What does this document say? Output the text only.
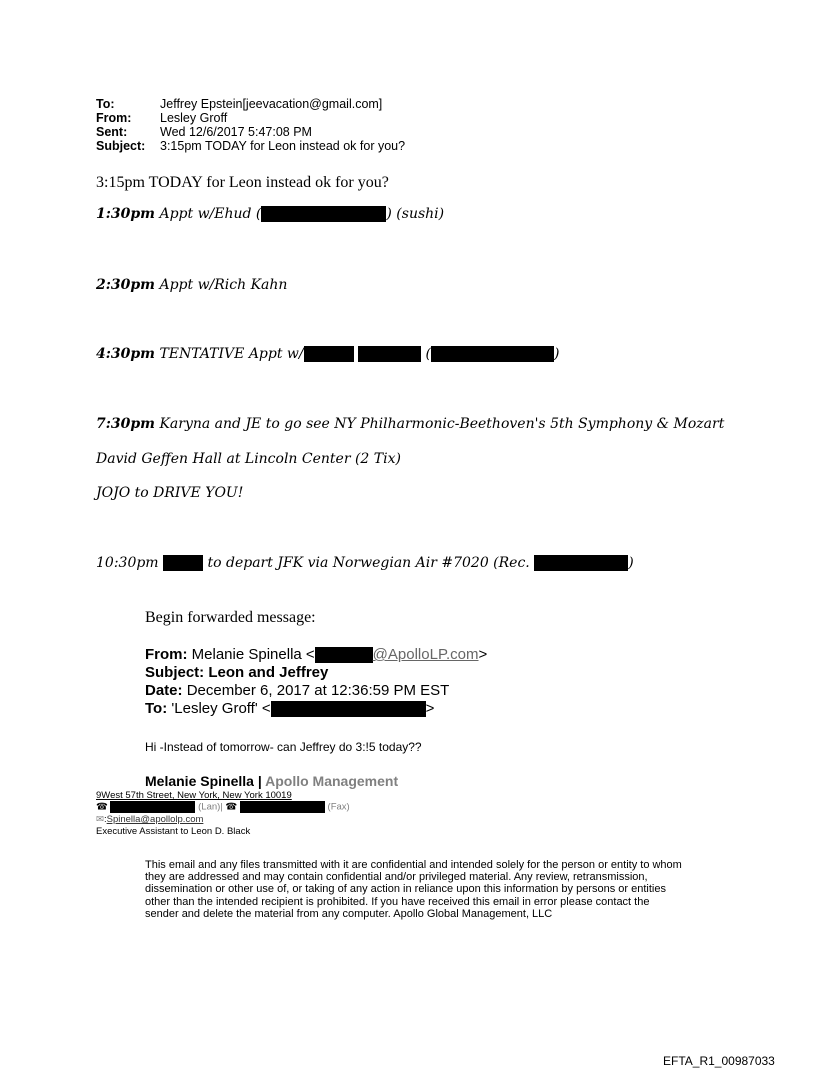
To:	Jeffrey Epstein[jeevacation@gmail.com]
From: Lesley Groff
Sent:	Wed 12/6/2017 5:47:08 PM
Subject: 3:15pm TODAY for Leon instead ok for you?
3:15pm TODAY for Leon instead ok for you?
1:30pm Appt w/Ehud (	) (sushi)
2:30pm Appt w/Rich Kahn
4:30pm TENTATIVE Appt w/	(	)
7:30pm Karyna and JE to go see NY Philharmonic-Beethoven's 5th Symphony & Mozart
David Geffen Hall at Lincoln Center (2 Tix)
JOJO to DRIVE YOU!
10:30pm	to depart JFK via Norwegian Air #7020 (Rec.	)
Begin forwarded message:
From: Melanie Spinella <	@ApolloLP.com>
Subject: Leon and Jeffrey
Date: December 6, 2017 at 12:36:59 PM EST
To: 'Lesley Groff' <	>
Hi -Instead of tomorrow- can Jeffrey do 3:!5 today??
Melanie Spinella | Apollo Management
9West 57th Street, New York, New York 10019
☎	(Lan)| ☎	(Fax)
✉:Spinella@apollolp.com
Executive Assistant to Leon D. Black
This email and any files transmitted with it are confidential and intended solely for the person or entity to whom they are addressed and may contain confidential and/or privileged material. Any review, retransmission, dissemination or other use of, or taking of any action in reliance upon this information by persons or entities other than the intended recipient is prohibited. If you have received this email in error please contact the sender and delete the material from any computer. Apollo Global Management, LLC
EFTA_R1_00987033
